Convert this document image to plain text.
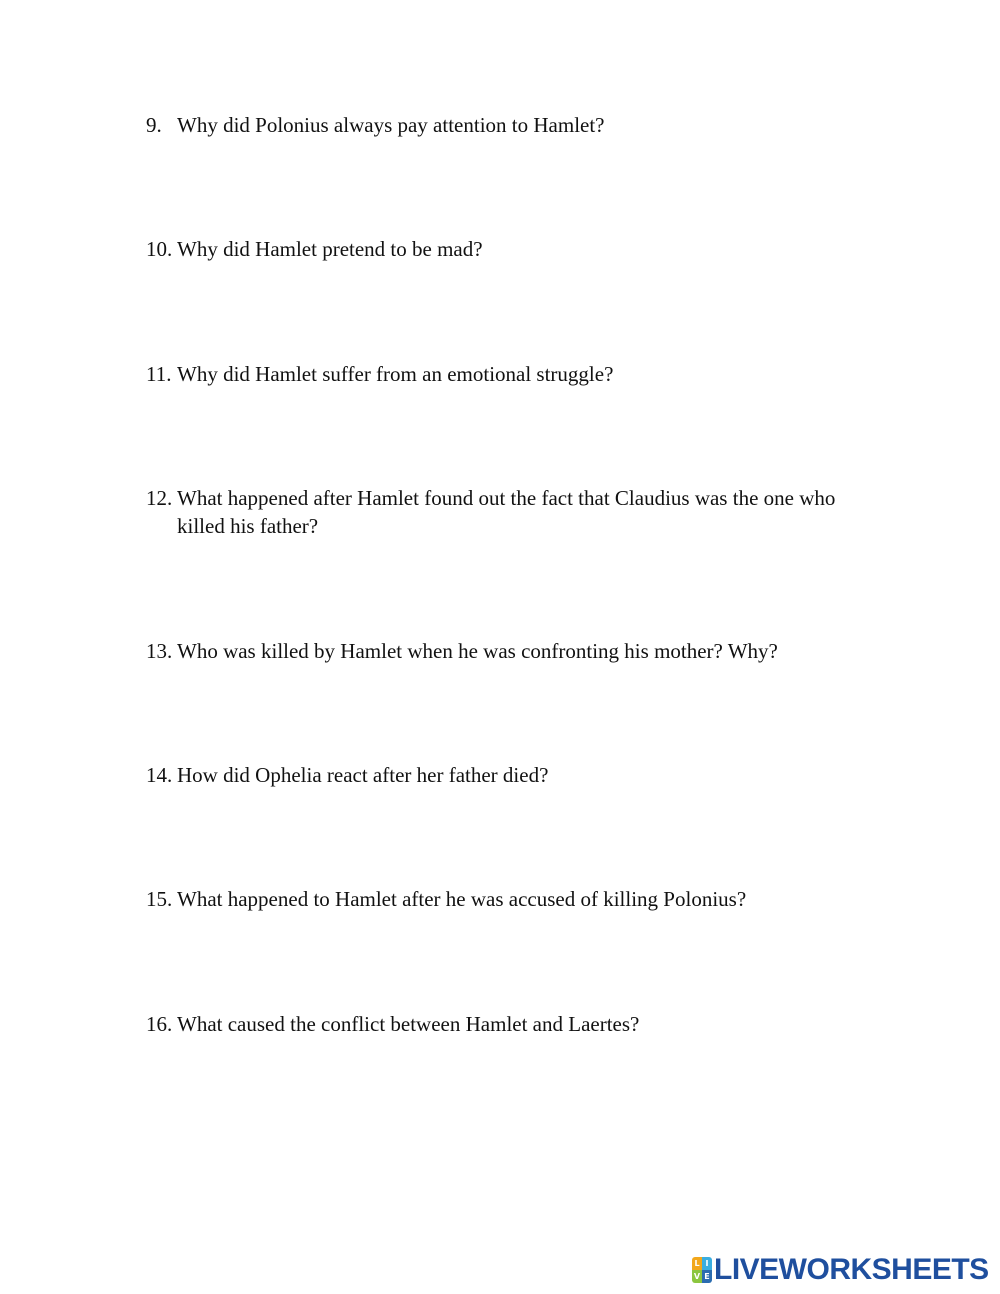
9. Why did Polonius always pay attention to Hamlet?
10. Why did Hamlet pretend to be mad?
11. Why did Hamlet suffer from an emotional struggle?
12. What happened after Hamlet found out the fact that Claudius was the one who killed his father?
13. Who was killed by Hamlet when he was confronting his mother? Why?
14. How did Ophelia react after her father died?
15. What happened to Hamlet after he was accused of killing Polonius?
16. What caused the conflict between Hamlet and Laertes?
L I
V E LIVEWORKSHEETS
